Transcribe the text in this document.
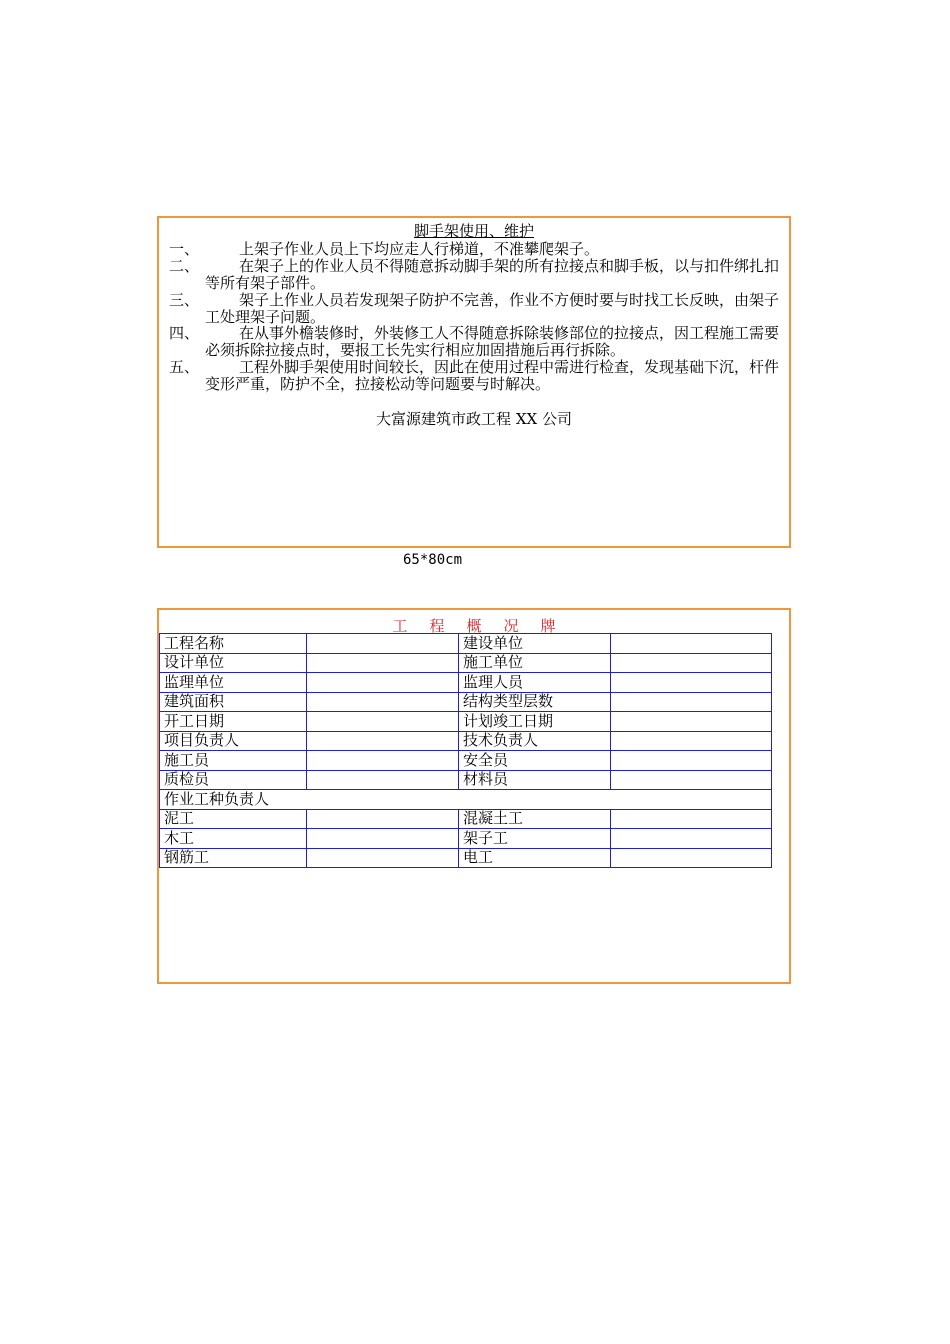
脚手架使用、维护
一、	上架子作业人员上下均应走人行梯道，不准攀爬架子。
二、	在架子上的作业人员不得随意拆动脚手架的所有拉接点和脚手板，以与扣件绑扎扣等所有架子部件。
三、	架子上作业人员若发现架子防护不完善，作业不方便时要与时找工长反映，由架子工处理架子问题。
四、	在从事外檐装修时，外装修工人不得随意拆除装修部位的拉接点，因工程施工需要必须拆除拉接点时，要报工长先实行相应加固措施后再行拆除。
五、	工程外脚手架使用时间较长，因此在使用过程中需进行检查，发现基础下沉，杆件变形严重，防护不全，拉接松动等问题要与时解决。
大富源建筑市政工程 XX 公司
65*80cm
工 程 概 况 牌
工程名称		建设单位	
设计单位		施工单位	
监理单位		监理人员	
建筑面积		结构类型层数	
开工日期		计划竣工日期	
项目负责人		技术负责人	
施工员		安全员	
质检员		材料员	
作业工种负责人			
泥工		混凝土工	
木工		架子工	
钢筋工		电工	
